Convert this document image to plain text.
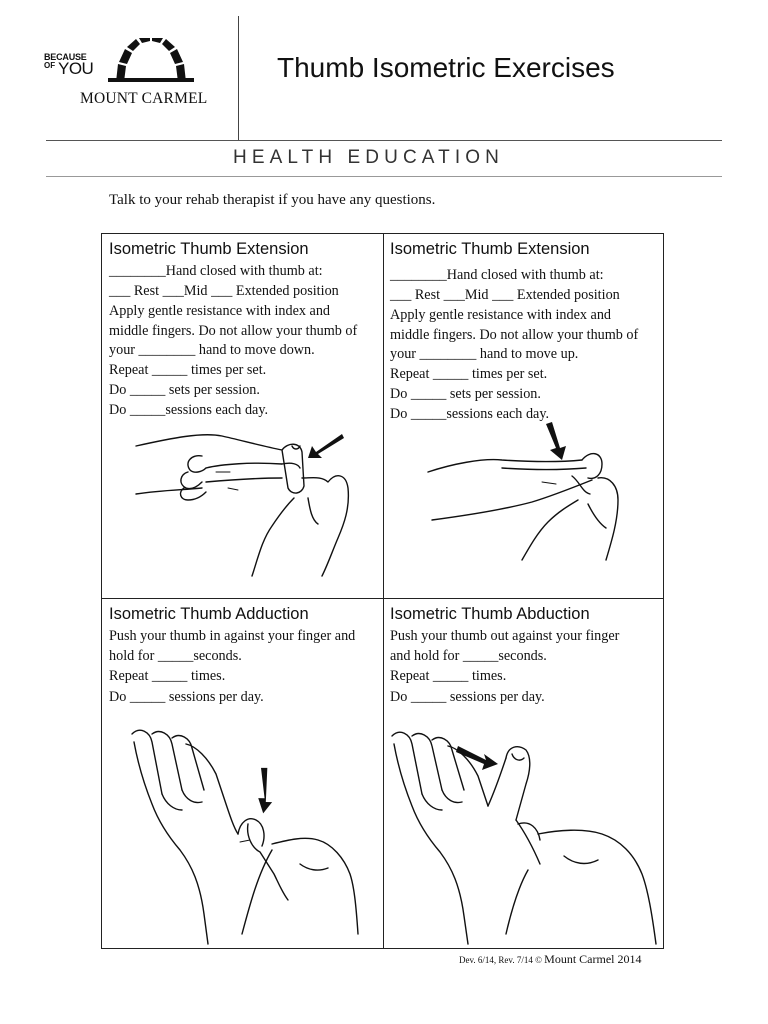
BECAUSE
OF YOU
MOUNT CARMEL
Thumb Isometric Exercises
HEALTH EDUCATION
Talk to your rehab therapist if you have any questions.
Isometric Thumb Extension
________Hand closed with thumb at:
___ Rest ___Mid ___ Extended position
Apply gentle resistance with index and
middle fingers. Do not allow your thumb of
your ________ hand to move down.
Repeat _____ times per set.
Do _____ sets per session.
Do _____sessions each day.
Isometric Thumb Extension
________Hand closed with thumb at:
___ Rest ___Mid ___ Extended position
Apply gentle resistance with index and
middle fingers. Do not allow your thumb of
your ________ hand to move up.
Repeat _____ times per set.
Do _____ sets per session.
Do _____sessions each day.
Isometric Thumb Adduction
Push your thumb in against your finger and
hold for _____seconds.
Repeat _____ times.
Do _____ sessions per day.
Isometric Thumb Abduction
Push your thumb out against your finger
and hold for _____seconds.
Repeat _____ times.
Do _____ sessions per day.
Dev. 6/14, Rev. 7/14 © Mount Carmel 2014
